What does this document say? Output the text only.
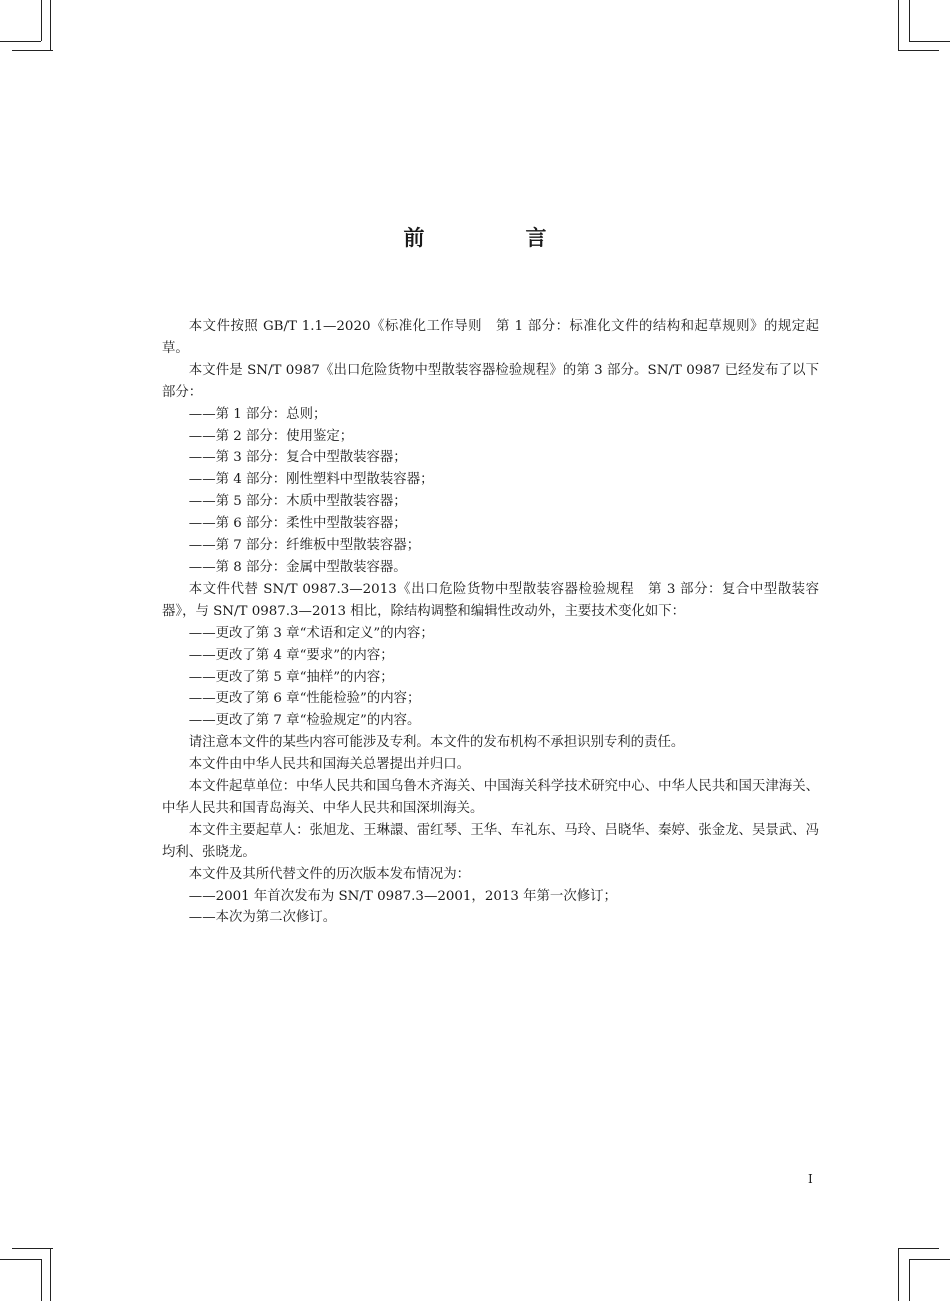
前　言

本文件按照 GB/T 1.1—2020《标准化工作导则　第 1 部分：标准化文件的结构和起草规则》的规定起草。

本文件是 SN/T 0987《出口危险货物中型散装容器检验规程》的第 3 部分。SN/T 0987 已经发布了以下部分：

——第 1 部分：总则；

——第 2 部分：使用鉴定；

——第 3 部分：复合中型散装容器；

——第 4 部分：刚性塑料中型散装容器；

——第 5 部分：木质中型散装容器；

——第 6 部分：柔性中型散装容器；

——第 7 部分：纤维板中型散装容器；

——第 8 部分：金属中型散装容器。

本文件代替 SN/T 0987.3—2013《出口危险货物中型散装容器检验规程　第 3 部分：复合中型散装容器》，与 SN/T 0987.3—2013 相比，除结构调整和编辑性改动外，主要技术变化如下：

——更改了第 3 章“术语和定义”的内容；

——更改了第 4 章“要求”的内容；

——更改了第 5 章“抽样”的内容；

——更改了第 6 章“性能检验”的内容；

——更改了第 7 章“检验规定”的内容。

请注意本文件的某些内容可能涉及专利。本文件的发布机构不承担识别专利的责任。

本文件由中华人民共和国海关总署提出并归口。

本文件起草单位：中华人民共和国乌鲁木齐海关、中国海关科学技术研究中心、中华人民共和国天津海关、中华人民共和国青岛海关、中华人民共和国深圳海关。

本文件主要起草人：张旭龙、王琳譞、雷红琴、王华、车礼东、马玲、吕晓华、秦婷、张金龙、吴景武、冯均利、张晓龙。

本文件及其所代替文件的历次版本发布情况为：

——2001 年首次发布为 SN/T 0987.3—2001，2013 年第一次修订；

——本次为第二次修订。

I
